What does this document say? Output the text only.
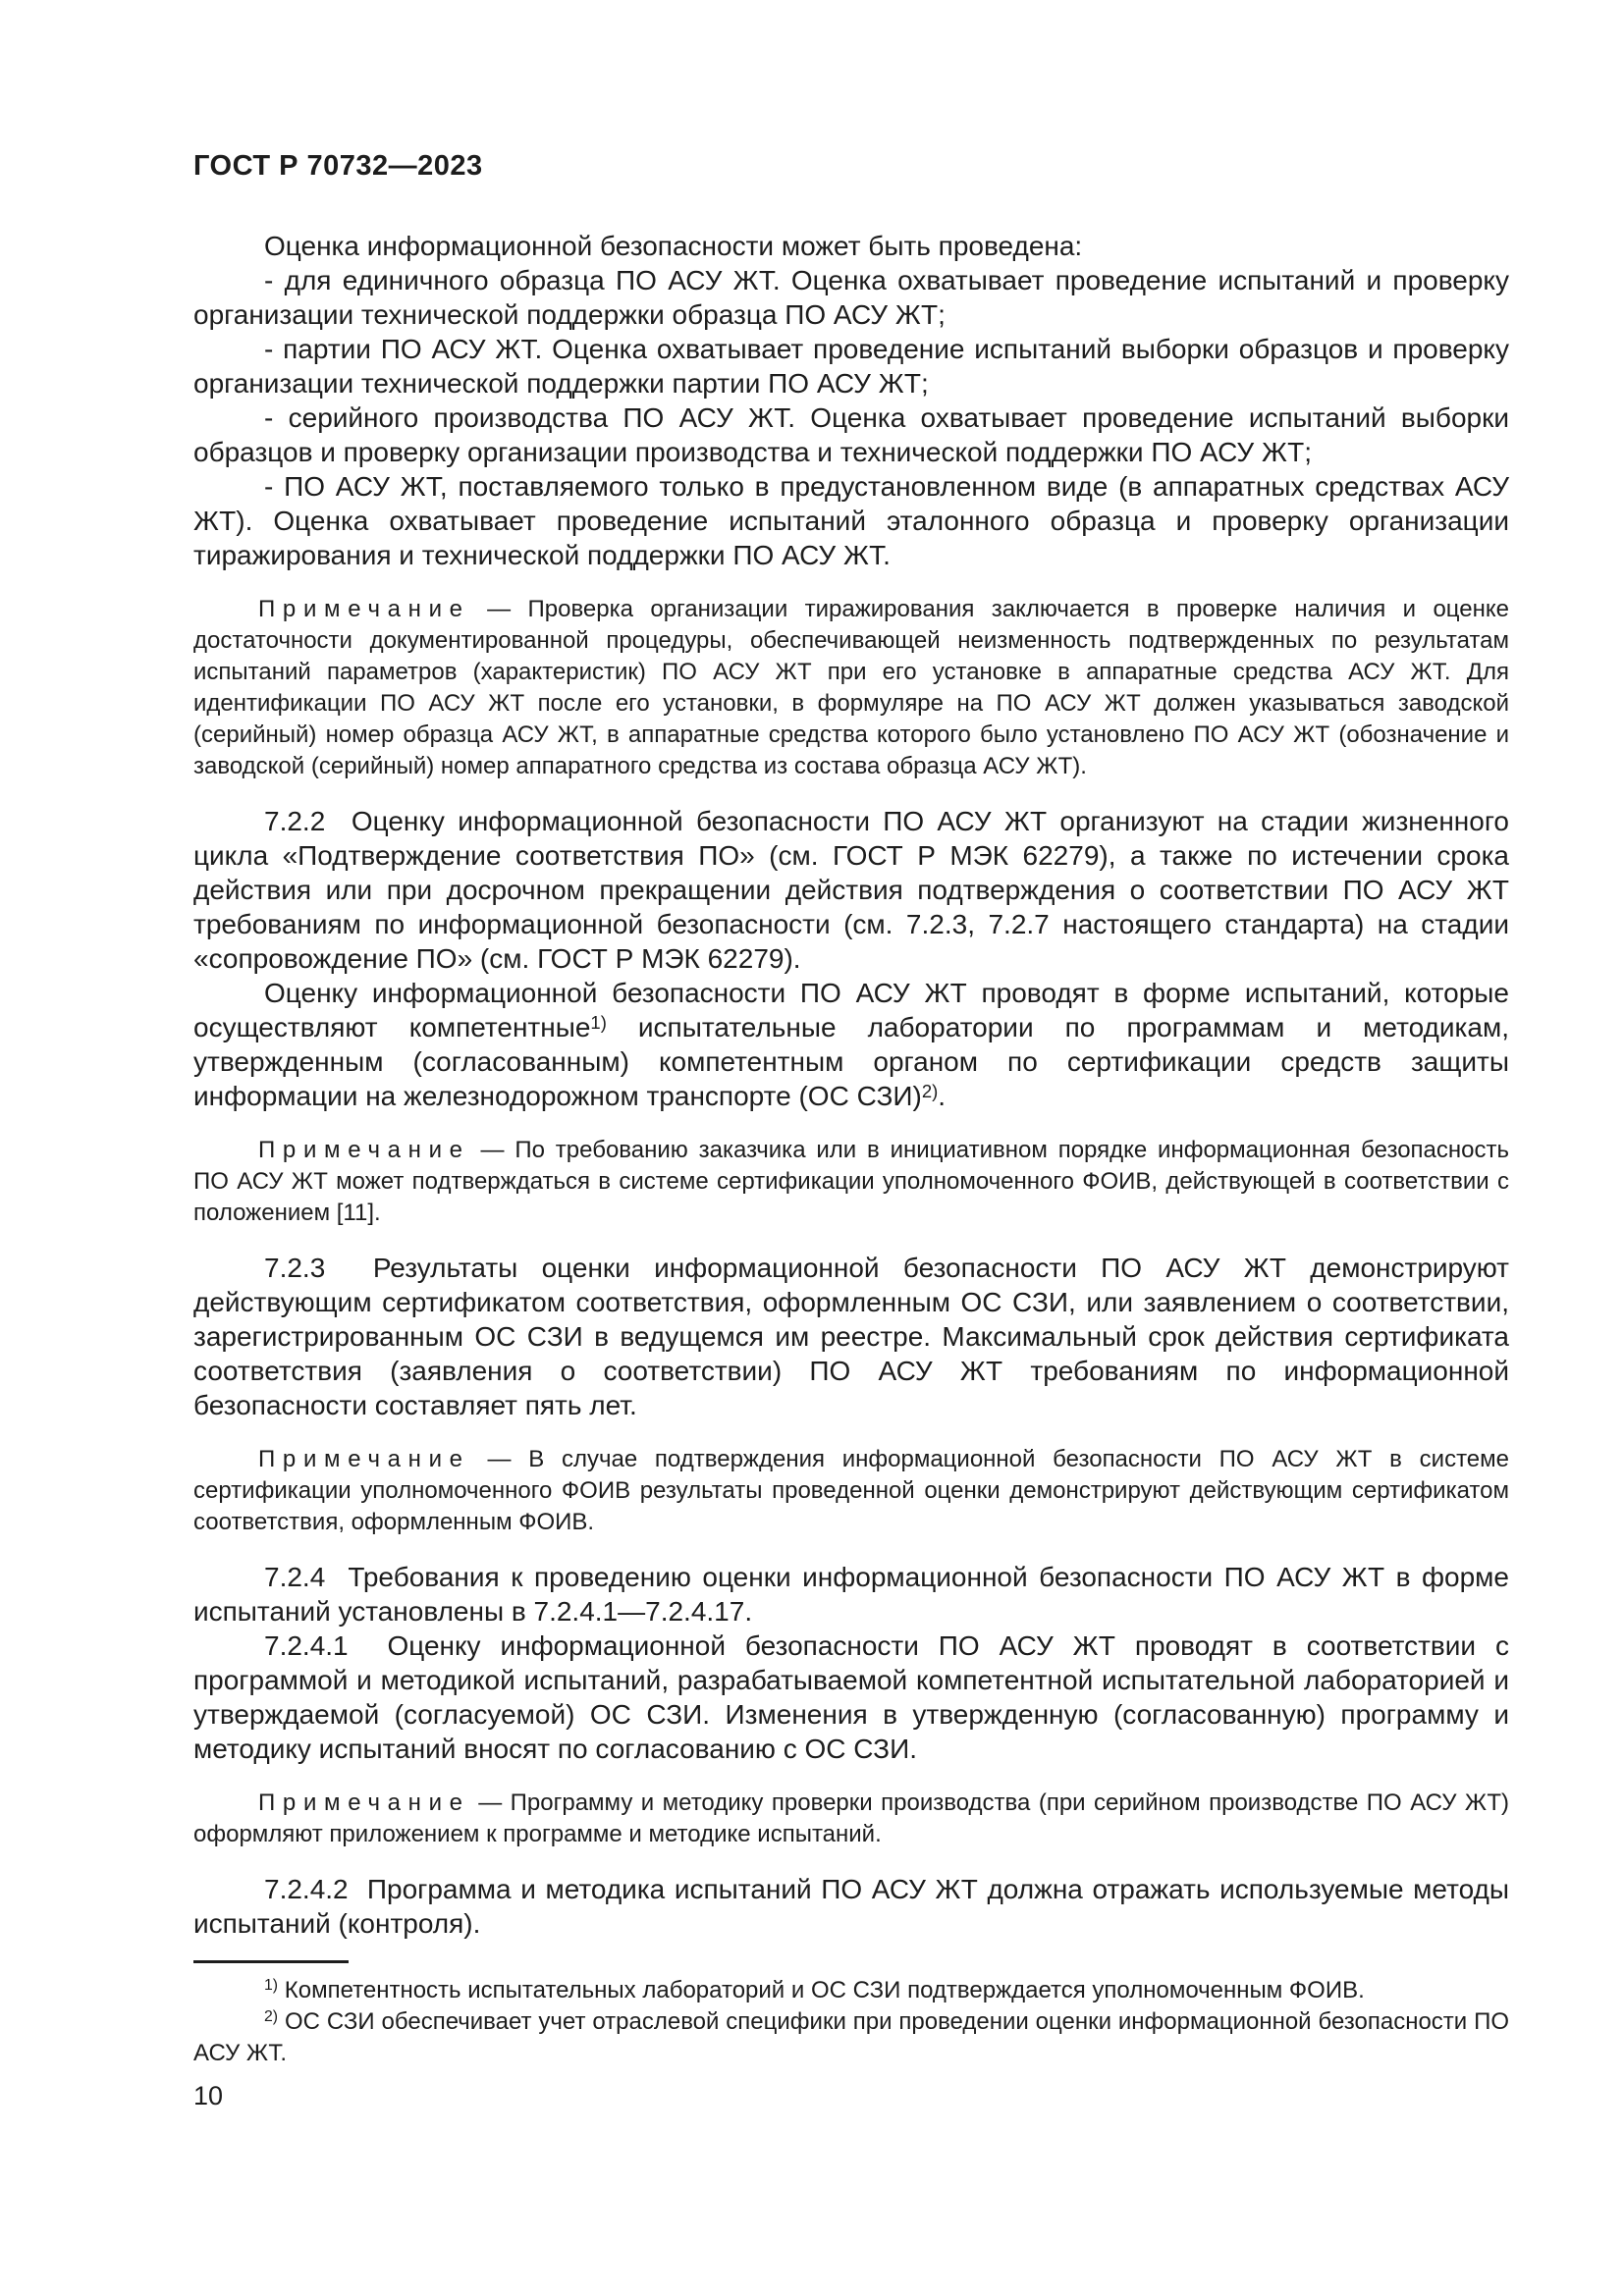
ГОСТ Р 70732—2023

Оценка информационной безопасности может быть проведена:

- для единичного образца ПО АСУ ЖТ. Оценка охватывает проведение испытаний и проверку организации технической поддержки образца ПО АСУ ЖТ;

- партии ПО АСУ ЖТ. Оценка охватывает проведение испытаний выборки образцов и проверку организации технической поддержки партии ПО АСУ ЖТ;

- серийного производства ПО АСУ ЖТ. Оценка охватывает проведение испытаний выборки образцов и проверку организации производства и технической поддержки ПО АСУ ЖТ;

- ПО АСУ ЖТ, поставляемого только в предустановленном виде (в аппаратных средствах АСУ ЖТ). Оценка охватывает проведение испытаний эталонного образца и проверку организации тиражирования и технической поддержки ПО АСУ ЖТ.

Примечание — Проверка организации тиражирования заключается в проверке наличия и оценке достаточности документированной процедуры, обеспечивающей неизменность подтвержденных по результатам испытаний параметров (характеристик) ПО АСУ ЖТ при его установке в аппаратные средства АСУ ЖТ. Для идентификации ПО АСУ ЖТ после его установки, в формуляре на ПО АСУ ЖТ должен указываться заводской (серийный) номер образца АСУ ЖТ, в аппаратные средства которого было установлено ПО АСУ ЖТ (обозначение и заводской (серийный) номер аппаратного средства из состава образца АСУ ЖТ).

7.2.2  Оценку информационной безопасности ПО АСУ ЖТ организуют на стадии жизненного цикла «Подтверждение соответствия ПО» (см. ГОСТ Р МЭК 62279), а также по истечении срока действия или при досрочном прекращении действия подтверждения о соответствии ПО АСУ ЖТ требованиям по информационной безопасности (см. 7.2.3, 7.2.7 настоящего стандарта) на стадии «сопровождение ПО» (см. ГОСТ Р МЭК 62279).

Оценку информационной безопасности ПО АСУ ЖТ проводят в форме испытаний, которые осуществляют компетентные$^{1)}$ испытательные лаборатории по программам и методикам, утвержденным (согласованным) компетентным органом по сертификации средств защиты информации на железнодорожном транспорте (ОС СЗИ)$^{2)}$.

Примечание — По требованию заказчика или в инициативном порядке информационная безопасность ПО АСУ ЖТ может подтверждаться в системе сертификации уполномоченного ФОИВ, действующей в соответствии с положением [11].

7.2.3  Результаты оценки информационной безопасности ПО АСУ ЖТ демонстрируют действующим сертификатом соответствия, оформленным ОС СЗИ, или заявлением о соответствии, зарегистрированным ОС СЗИ в ведущемся им реестре. Максимальный срок действия сертификата соответствия (заявления о соответствии) ПО АСУ ЖТ требованиям по информационной безопасности составляет пять лет.

Примечание — В случае подтверждения информационной безопасности ПО АСУ ЖТ в системе сертификации уполномоченного ФОИВ результаты проведенной оценки демонстрируют действующим сертификатом соответствия, оформленным ФОИВ.

7.2.4  Требования к проведению оценки информационной безопасности ПО АСУ ЖТ в форме испытаний установлены в 7.2.4.1—7.2.4.17.

7.2.4.1  Оценку информационной безопасности ПО АСУ ЖТ проводят в соответствии с программой и методикой испытаний, разрабатываемой компетентной испытательной лабораторией и утверждаемой (согласуемой) ОС СЗИ. Изменения в утвержденную (согласованную) программу и методику испытаний вносят по согласованию с ОС СЗИ.

Примечание — Программу и методику проверки производства (при серийном производстве ПО АСУ ЖТ) оформляют приложением к программе и методике испытаний.

7.2.4.2  Программа и методика испытаний ПО АСУ ЖТ должна отражать используемые методы испытаний (контроля).

$^{1)}$ Компетентность испытательных лабораторий и ОС СЗИ подтверждается уполномоченным ФОИВ.

$^{2)}$ ОС СЗИ обеспечивает учет отраслевой специфики при проведении оценки информационной безопасности ПО АСУ ЖТ.

10
